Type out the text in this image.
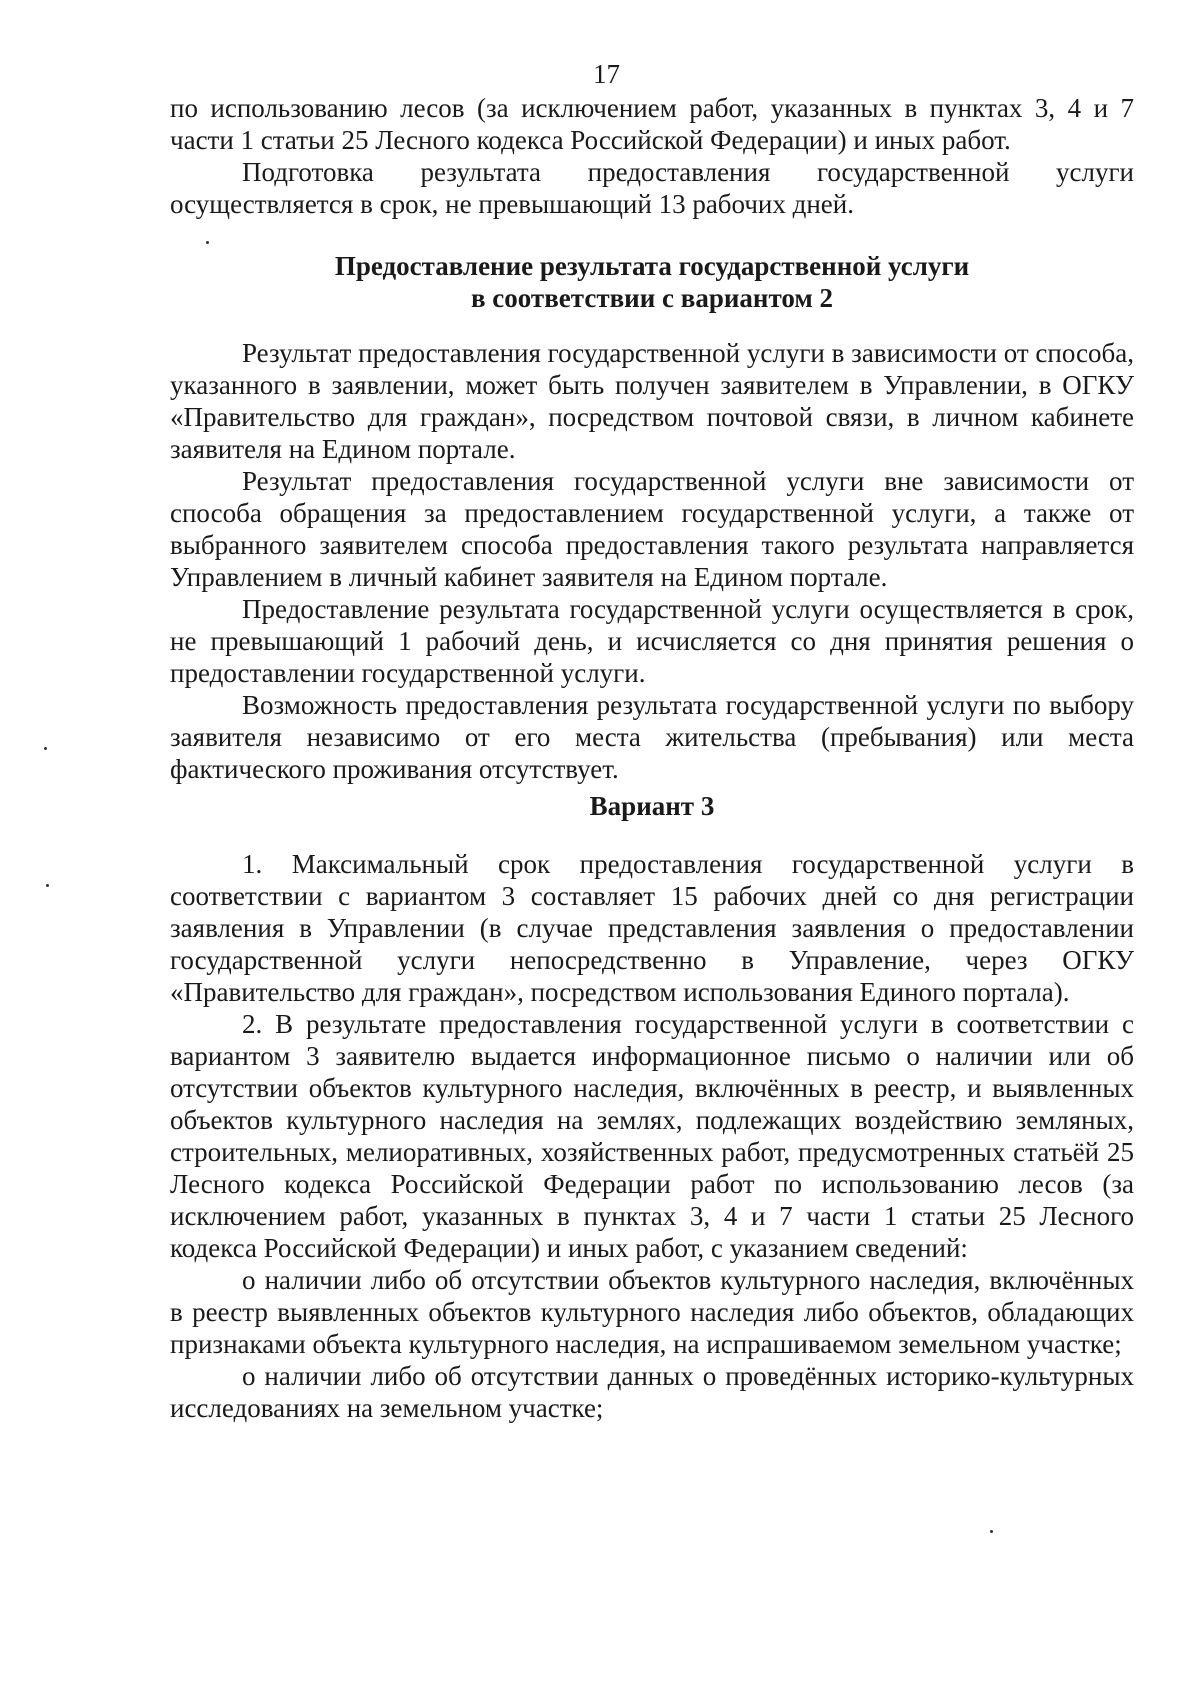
17

по использованию лесов (за исключением работ, указанных в пунктах 3, 4 и 7 части 1 статьи 25 Лесного кодекса Российской Федерации) и иных работ.

Подготовка результата предоставления государственной услуги осуществляется в срок, не превышающий 13 рабочих дней.

Предоставление результата государственной услуги

в соответствии с вариантом 2

Результат предоставления государственной услуги в зависимости от способа, указанного в заявлении, может быть получен заявителем в Управлении, в ОГКУ «Правительство для граждан», посредством почтовой связи, в личном кабинете заявителя на Едином портале.

Результат предоставления государственной услуги вне зависимости от способа обращения за предоставлением государственной услуги, а также от выбранного заявителем способа предоставления такого результата направляется Управлением в личный кабинет заявителя на Едином портале.

Предоставление результата государственной услуги осуществляется в срок, не превышающий 1 рабочий день, и исчисляется со дня принятия решения о предоставлении государственной услуги.

Возможность предоставления результата государственной услуги по выбору заявителя независимо от его места жительства (пребывания) или места фактического проживания отсутствует.

Вариант 3

1. Максимальный срок предоставления государственной услуги в соответствии с вариантом 3 составляет 15 рабочих дней со дня регистрации заявления в Управлении (в случае представления заявления о предоставлении государственной услуги непосредственно в Управление, через ОГКУ «Правительство для граждан», посредством использования Единого портала).

2. В результате предоставления государственной услуги в соответствии с вариантом 3 заявителю выдается информационное письмо о наличии или об отсутствии объектов культурного наследия, включённых в реестр, и выявленных объектов культурного наследия на землях, подлежащих воздействию земляных, строительных, мелиоративных, хозяйственных работ, предусмотренных статьёй 25 Лесного кодекса Российской Федерации работ по использованию лесов (за исключением работ, указанных в пунктах 3, 4 и 7 части 1 статьи 25 Лесного кодекса Российской Федерации) и иных работ, с указанием сведений:

о наличии либо об отсутствии объектов культурного наследия, включённых в реестр выявленных объектов культурного наследия либо объектов, обладающих признаками объекта культурного наследия, на испрашиваемом земельном участке;

о наличии либо об отсутствии данных о проведённых историко-культурных исследованиях на земельном участке;
